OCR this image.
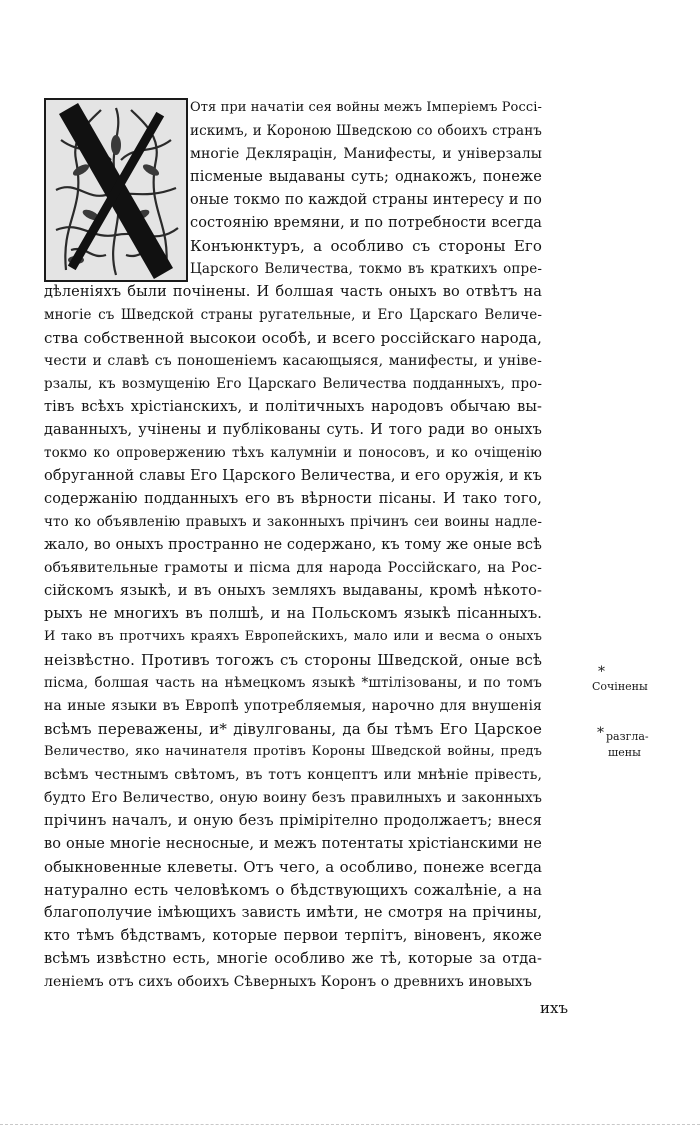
Х
Отя при начатіи сея войны межъ Імперіемъ Россі-
искимъ, и Короною Шведскою со обоихъ странъ
многіе Деклярацін, Манифесты, и універзалы
пісменые выдаваны суть; однакожъ, понеже
оные токмо по каждой страны интересу и по
состоянію времяни, и по потребности всегда
Конъюнктуръ, а особливо съ стороны Его
Царского Величества, токмо въ краткихъ опре-
дѣленіяхъ были почінены. И болшая часть оныхъ во отвѣтъ на
многіе съ Шведской страны ругательные, и Его Царскаго Величе-
ства собственной высокои особѣ, и всего россійскаго народа,
чести и славѣ съ поношеніемъ касающыяся, манифесты, и уніве-
рзалы, къ возмущенію Его Царскаго Величества подданныхъ, про-
тівъ всѣхъ хрістіанскихъ, и політичныхъ народовъ обычаю вы-
даванныхъ, учінены и публікованы суть. И того ради во оныхъ
токмо ко опровержению тѣхъ калумніи и поносовъ, и ко очіщенію
обруганной славы Его Царского Величества, и его оружія, и къ
содержанію подданныхъ его въ вѣрности пісаны. И тако того,
что ко объявленію правыхъ и законныхъ прічинъ сеи воины надле-
жало, во оныхъ пространно не содержано, къ тому же оные всѣ
объявительные грамоты и пісма для народа Россійскаго, на Рос-
сійскомъ языкѣ, и въ оныхъ земляхъ выдаваны, кромѣ нѣкото-
рыхъ не многихъ въ полшѣ, и на Польскомъ языкѣ пісанныхъ.
И тако въ протчихъ краяхъ Европейскихъ, мало или и весма о оныхъ
неізвѣстно. Противъ тогожъ съ стороны Шведской, оные всѣ
пісма, болшая часть на нѣмецкомъ языкѣ *штілізованы, и по томъ
на иные языки въ Европѣ употребляемыя, нарочно для внушенія
всѣмъ переважены, и* дівулгованы, да бы тѣмъ Его Царское
Величество, яко начинателя протівъ Короны Шведской войны, предъ
всѣмъ честнымъ свѣтомъ, въ тотъ концептъ или мнѣніе прівесть,
будто Его Величество, оную воину безъ правилныхъ и законныхъ
прічинъ началъ, и оную безъ прімірітелно продолжаетъ; внеся
во оные многіе несносные, и межъ потентаты хрістіанскими не
обыкновенные клеветы. Отъ чего, а особливо, понеже всегда
натурално есть человѣкомъ о бѣдствующихъ сожалѣніе, а на
благополучие імѣющихъ зависть имѣти, не смотря на прічины,
кто тѣмъ бѣдствамъ, которые первои терпітъ, віновенъ, якоже
всѣмъ извѣстно есть, многіе особливо же тѣ, которые за отда-
леніемъ отъ сихъ обоихъ Сѣверныхъ Коронъ о древнихъ иновыхъ
*
Сочінены
* разгла-
шены
ихъ
